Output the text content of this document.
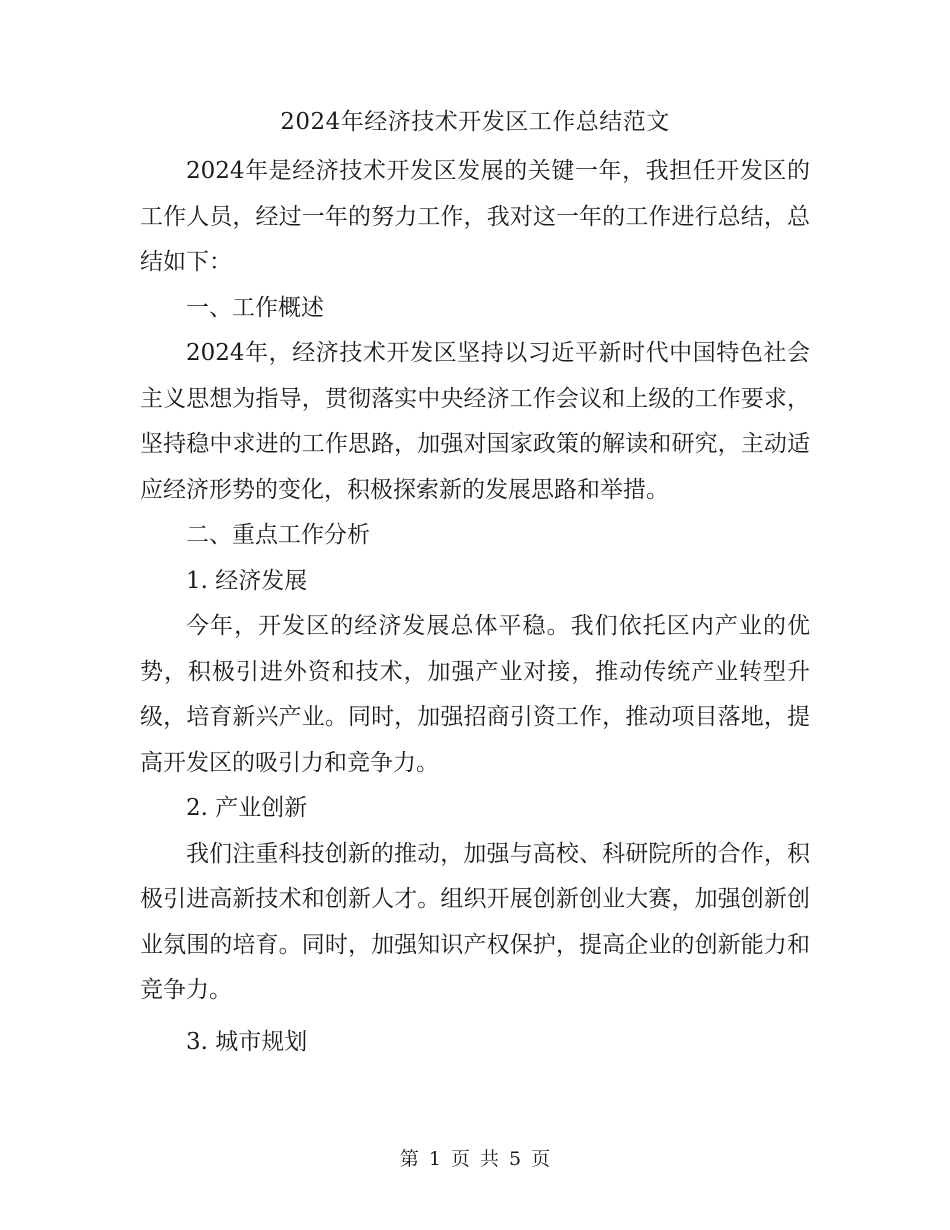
2024年经济技术开发区工作总结范文

2024年是经济技术开发区发展的关键一年，我担任开发区的工作人员，经过一年的努力工作，我对这一年的工作进行总结，总结如下：

一、工作概述

2024年，经济技术开发区坚持以习近平新时代中国特色社会主义思想为指导，贯彻落实中央经济工作会议和上级的工作要求，坚持稳中求进的工作思路，加强对国家政策的解读和研究，主动适应经济形势的变化，积极探索新的发展思路和举措。

二、重点工作分析

1. 经济发展

今年，开发区的经济发展总体平稳。我们依托区内产业的优势，积极引进外资和技术，加强产业对接，推动传统产业转型升级，培育新兴产业。同时，加强招商引资工作，推动项目落地，提高开发区的吸引力和竞争力。

2. 产业创新

我们注重科技创新的推动，加强与高校、科研院所的合作，积极引进高新技术和创新人才。组织开展创新创业大赛，加强创新创业氛围的培育。同时，加强知识产权保护，提高企业的创新能力和竞争力。

3. 城市规划

第 1 页 共 5 页
